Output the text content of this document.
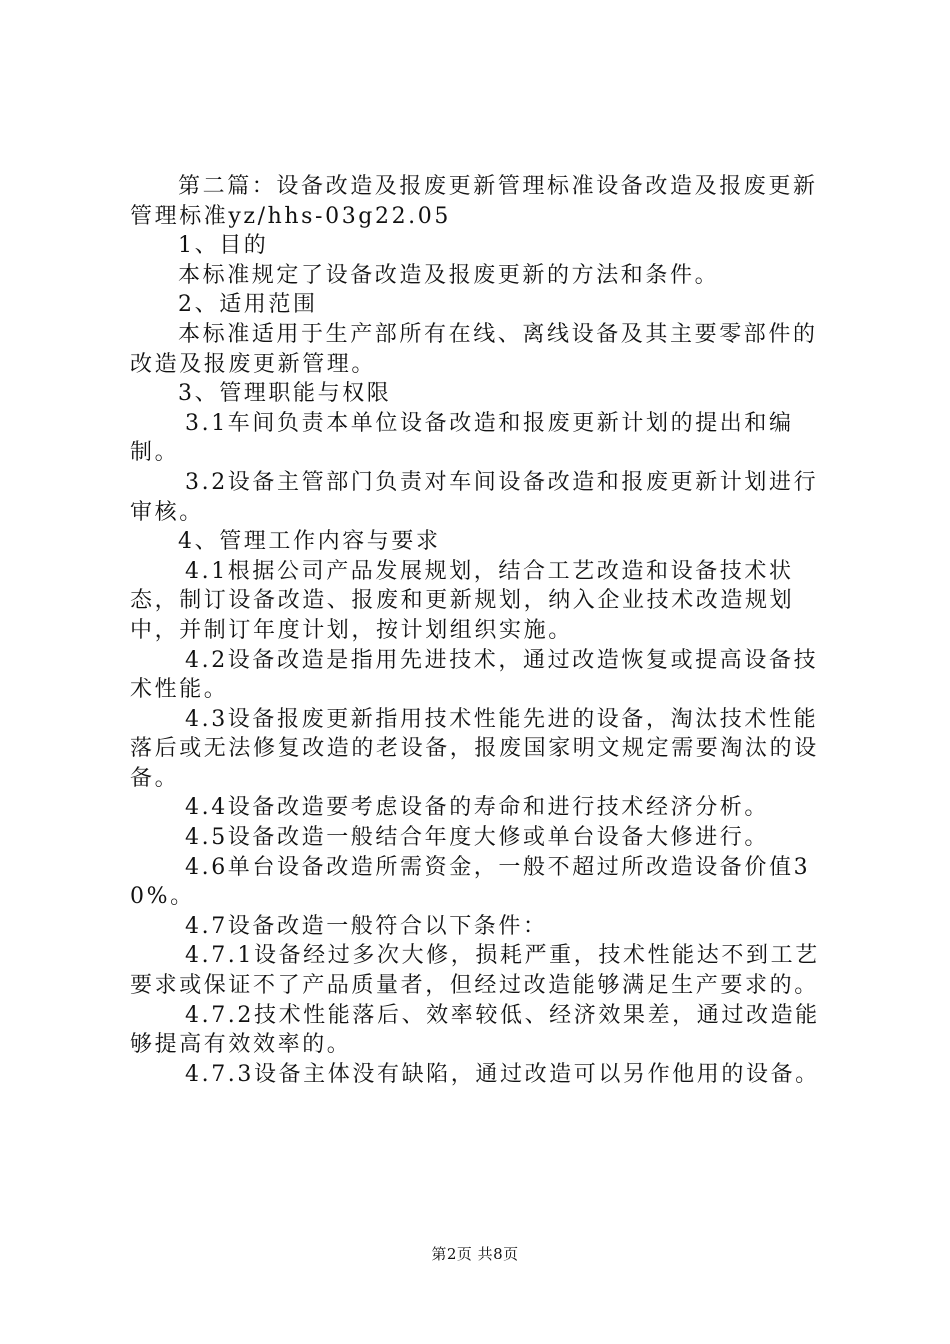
第二篇：设备改造及报废更新管理标准设备改造及报废更新管理标准yz/hhs-03g22.05

1、目的

本标准规定了设备改造及报废更新的方法和条件。

2、适用范围

本标准适用于生产部所有在线、离线设备及其主要零部件的改造及报废更新管理。

3、管理职能与权限

3.1车间负责本单位设备改造和报废更新计划的提出和编制。

3.2设备主管部门负责对车间设备改造和报废更新计划进行审核。

4、管理工作内容与要求

4.1根据公司产品发展规划，结合工艺改造和设备技术状态，制订设备改造、报废和更新规划，纳入企业技术改造规划中，并制订年度计划，按计划组织实施。

4.2设备改造是指用先进技术，通过改造恢复或提高设备技术性能。

4.3设备报废更新指用技术性能先进的设备，淘汰技术性能落后或无法修复改造的老设备，报废国家明文规定需要淘汰的设备。

4.4设备改造要考虑设备的寿命和进行技术经济分析。

4.5设备改造一般结合年度大修或单台设备大修进行。

4.6单台设备改造所需资金，一般不超过所改造设备价值30%。

4.7设备改造一般符合以下条件：

4.7.1设备经过多次大修，损耗严重，技术性能达不到工艺要求或保证不了产品质量者，但经过改造能够满足生产要求的。

4.7.2技术性能落后、效率较低、经济效果差，通过改造能够提高有效效率的。

4.7.3设备主体没有缺陷，通过改造可以另作他用的设备。

第2页 共8页
